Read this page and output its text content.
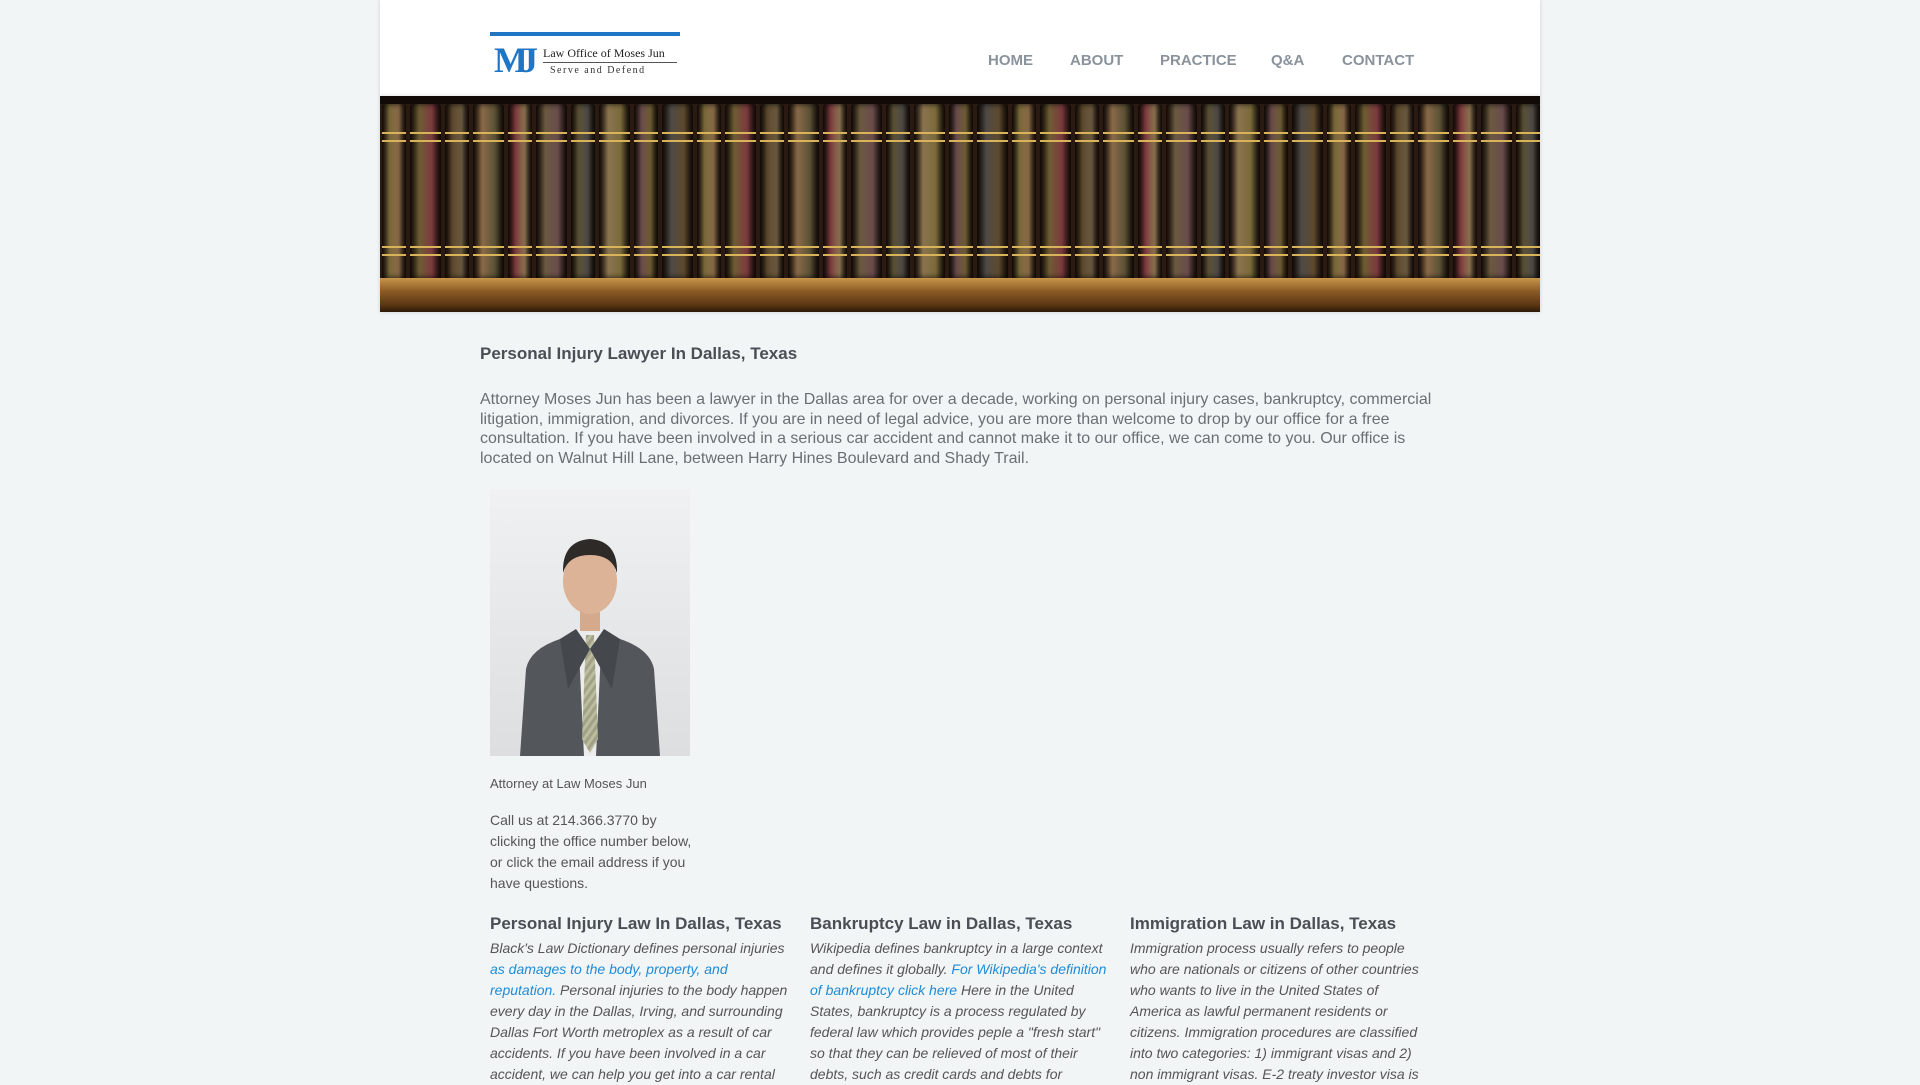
MJ Law Office of Moses Jun
Serve and Defend
HOME ABOUT PRACTICE Q&A	CONTACT
Personal Injury Lawyer In Dallas, Texas

Attorney Moses Jun has been a lawyer in the Dallas area for over a decade, working on personal injury cases, bankruptcy, commercial litigation, immigration, and divorces. If you are in need of legal advice, you are more than welcome to drop by our office for a free consultation. If you have been involved in a serious car accident and cannot make it to our office, we can come to you. Our office is located on Walnut Hill Lane, between Harry Hines Boulevard and Shady Trail.

Attorney at Law Moses Jun

Call us at 214.366.3770 by clicking the office number below, or click the email address if you have questions.

Personal Injury Law In Dallas, Texas

Black's Law Dictionary defines personal injuries as damages to the body, property, and reputation. Personal injuries to the body happen every day in the Dallas, Irving, and surrounding Dallas Fort Worth metroplex as a result of car accidents. If you have been involved in a car accident, we can help you get into a car rental

Bankruptcy Law in Dallas, Texas

Wikipedia defines bankruptcy in a large context and defines it globally. For Wikipedia's definition of bankruptcy click here Here in the United States, bankruptcy is a process regulated by federal law which provides peple a "fresh start" so that they can be relieved of most of their debts, such as credit cards and debts for

Immigration Law in Dallas, Texas

Immigration process usually refers to people who are nationals or citizens of other countries who wants to live in the United States of America as lawful permanent residents or citizens. Immigration procedures are classified into two categories: 1) immigrant visas and 2) non immigrant visas. E-2 treaty investor visa is
